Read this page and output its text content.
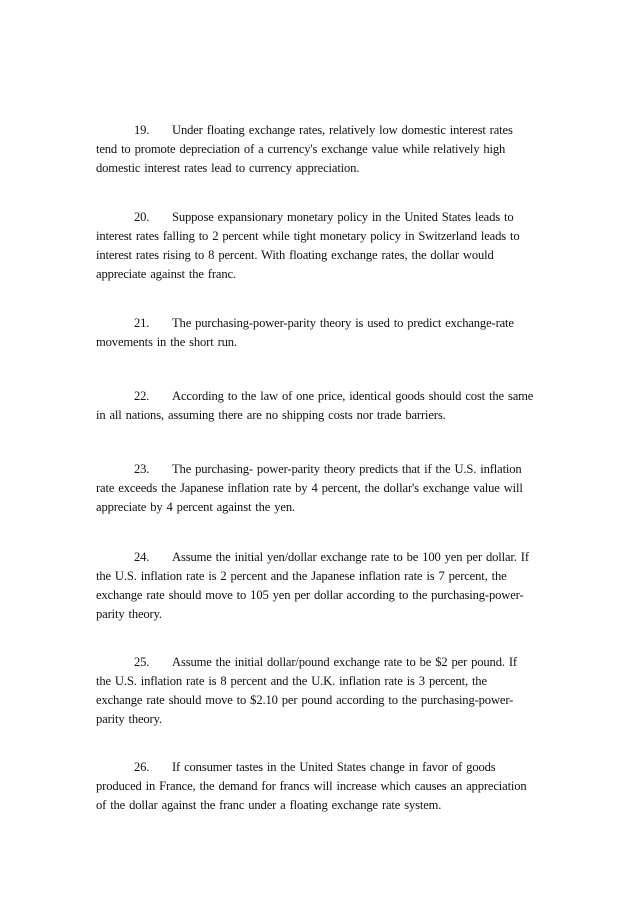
19. Under floating exchange rates, relatively low domestic interest rates
tend to promote depreciation of a currency's exchange value while relatively high
domestic interest rates lead to currency appreciation.
20. Suppose expansionary monetary policy in the United States leads to
interest rates falling to 2 percent while tight monetary policy in Switzerland leads to
interest rates rising to 8 percent. With floating exchange rates, the dollar would
appreciate against the franc.
21. The purchasing-power-parity theory is used to predict exchange-rate
movements in the short run.
22. According to the law of one price, identical goods should cost the same
in all nations, assuming there are no shipping costs nor trade barriers.
23. The purchasing- power-parity theory predicts that if the U.S. inflation
rate exceeds the Japanese inflation rate by 4 percent, the dollar's exchange value will
appreciate by 4 percent against the yen.
24. Assume the initial yen/dollar exchange rate to be 100 yen per dollar. If
the U.S. inflation rate is 2 percent and the Japanese inflation rate is 7 percent, the
exchange rate should move to 105 yen per dollar according to the purchasing-power-
parity theory.
25. Assume the initial dollar/pound exchange rate to be $2 per pound. If
the U.S. inflation rate is 8 percent and the U.K. inflation rate is 3 percent, the
exchange rate should move to $2.10 per pound according to the purchasing-power-
parity theory.
26. If consumer tastes in the United States change in favor of goods
produced in France, the demand for francs will increase which causes an appreciation
of the dollar against the franc under a floating exchange rate system.
